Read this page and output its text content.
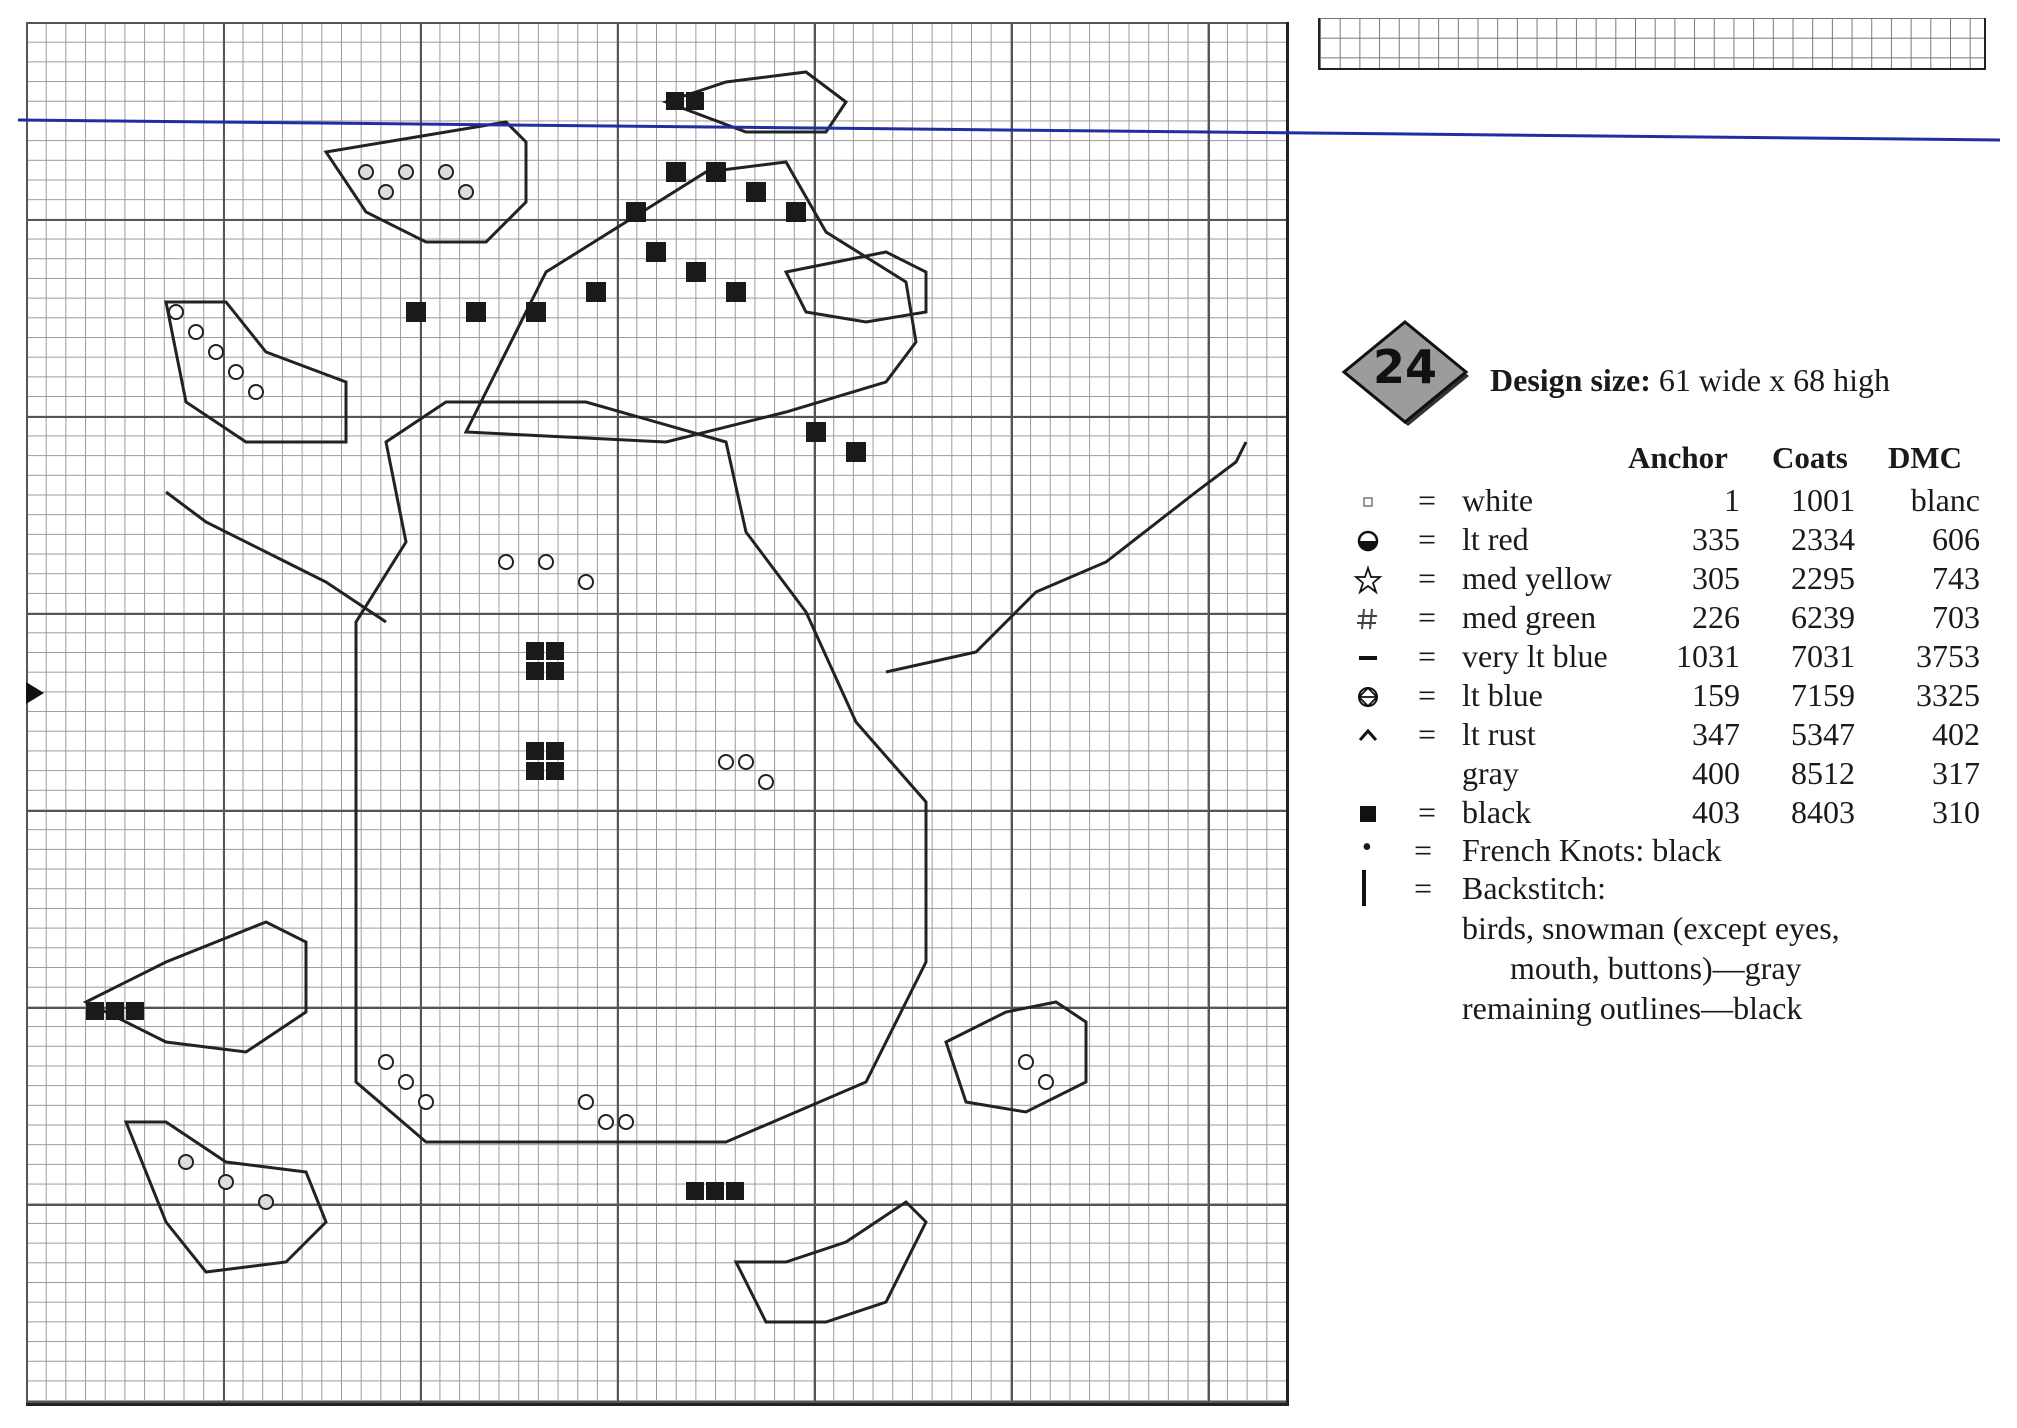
24	Design size: 61 wide x 68 high
Anchor Coats DMC
= white	1	1001	blanc
= lt red	335	2334	606
= med yellow	305	2295	743
= med green	226	6239	703
= very lt blue	1031	7031	3753
= lt blue	159	7159	3325
= lt rust	347	5347	402
gray	400	8512	317
= black	403	8403	310
• = French Knots: black
= Backstitch:
birds, snowman (except eyes,
mouth, buttons)—gray
remaining outlines—black
